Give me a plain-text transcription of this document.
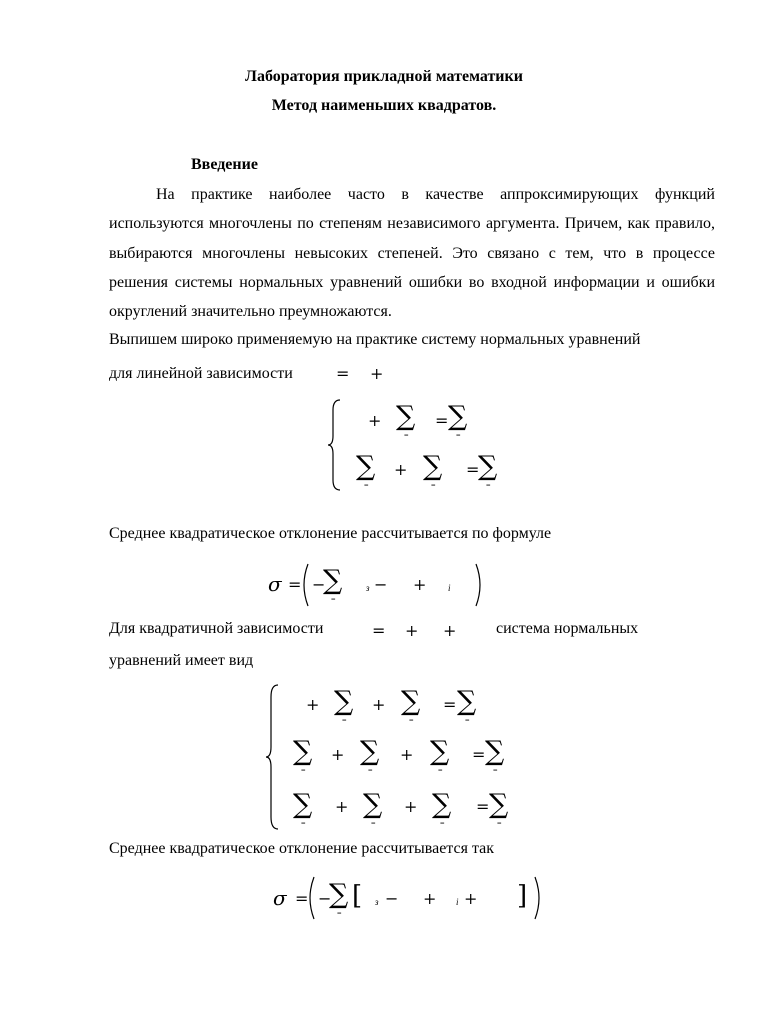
Лаборатория прикладной математики
Метод наименьших квадратов.
Введение
На практике наиболее часто в качестве аппроксимирующих функций используются многочлены по степеням независимого аргумента. Причем, как правило, выбираются многочлены невысоких степеней. Это связано с тем, что в процессе решения системы нормальных уравнений ошибки во входной информации и ошибки округлений значительно преумножаются.
Выпишем широко применяемую на практике систему нормальных уравнений
для линейной зависимости	= +
+ ∑
=
= ∑
=
∑
=
+ ∑
=
=
∑
=
Среднее квадратическое отклонение рассчитывается по формуле
σ = −
∑
=
з − + i
Для квадратичной зависимости	= + + система нормальных
уравнений имеет вид
+ ∑
=
+ ∑
=
= ∑
=
∑
=
+ ∑
=
+ ∑
=
= ∑
=
∑
=
+ ∑
=
+ ∑
=
= ∑
=
Среднее квадратическое отклонение рассчитывается так
σ = −
∑
=
[ з − + i + ]
